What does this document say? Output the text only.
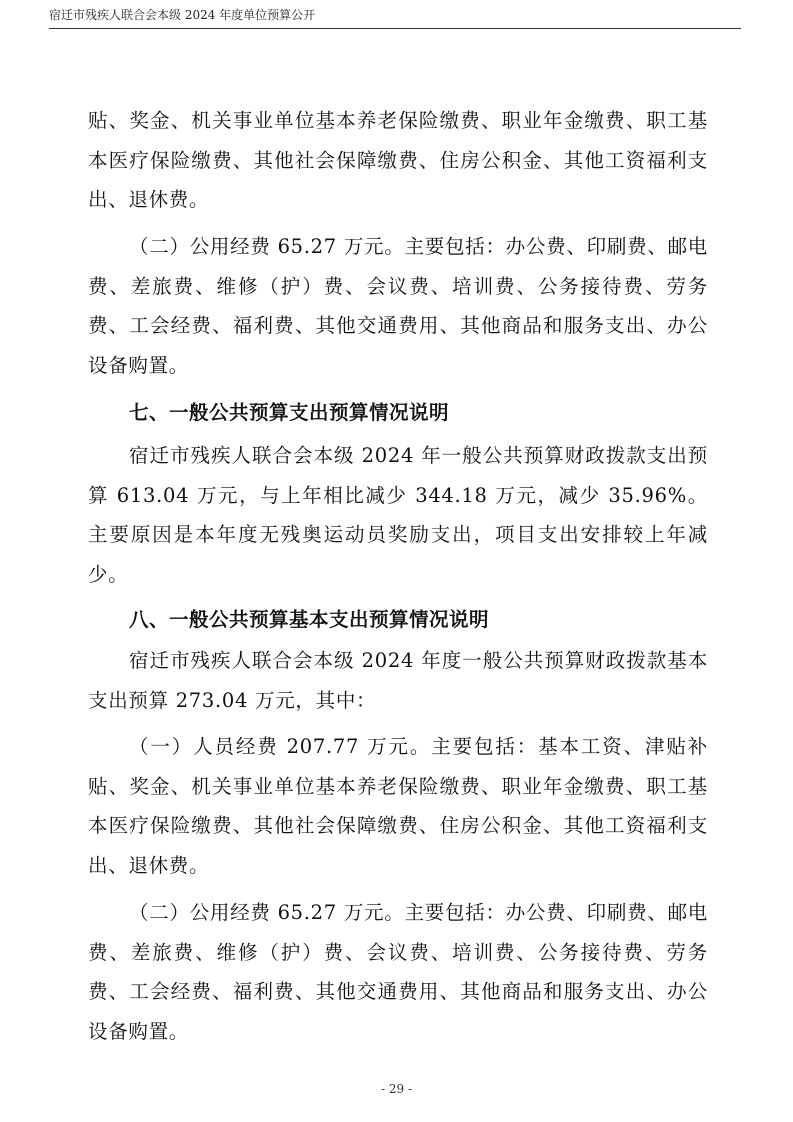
宿迁市残疾人联合会本级 2024 年度单位预算公开

贴、奖金、机关事业单位基本养老保险缴费、职业年金缴费、职工基本医疗保险缴费、其他社会保障缴费、住房公积金、其他工资福利支出、退休费。

（二）公用经费 65.27 万元。主要包括：办公费、印刷费、邮电费、差旅费、维修（护）费、会议费、培训费、公务接待费、劳务费、工会经费、福利费、其他交通费用、其他商品和服务支出、办公设备购置。

七、一般公共预算支出预算情况说明

宿迁市残疾人联合会本级 2024 年一般公共预算财政拨款支出预算 613.04 万元，与上年相比减少 344.18 万元，减少 35.96%。主要原因是本年度无残奥运动员奖励支出，项目支出安排较上年减少。

八、一般公共预算基本支出预算情况说明

宿迁市残疾人联合会本级 2024 年度一般公共预算财政拨款基本支出预算 273.04 万元，其中：

（一）人员经费 207.77 万元。主要包括：基本工资、津贴补贴、奖金、机关事业单位基本养老保险缴费、职业年金缴费、职工基本医疗保险缴费、其他社会保障缴费、住房公积金、其他工资福利支出、退休费。

（二）公用经费 65.27 万元。主要包括：办公费、印刷费、邮电费、差旅费、维修（护）费、会议费、培训费、公务接待费、劳务费、工会经费、福利费、其他交通费用、其他商品和服务支出、办公设备购置。

- 29 -
